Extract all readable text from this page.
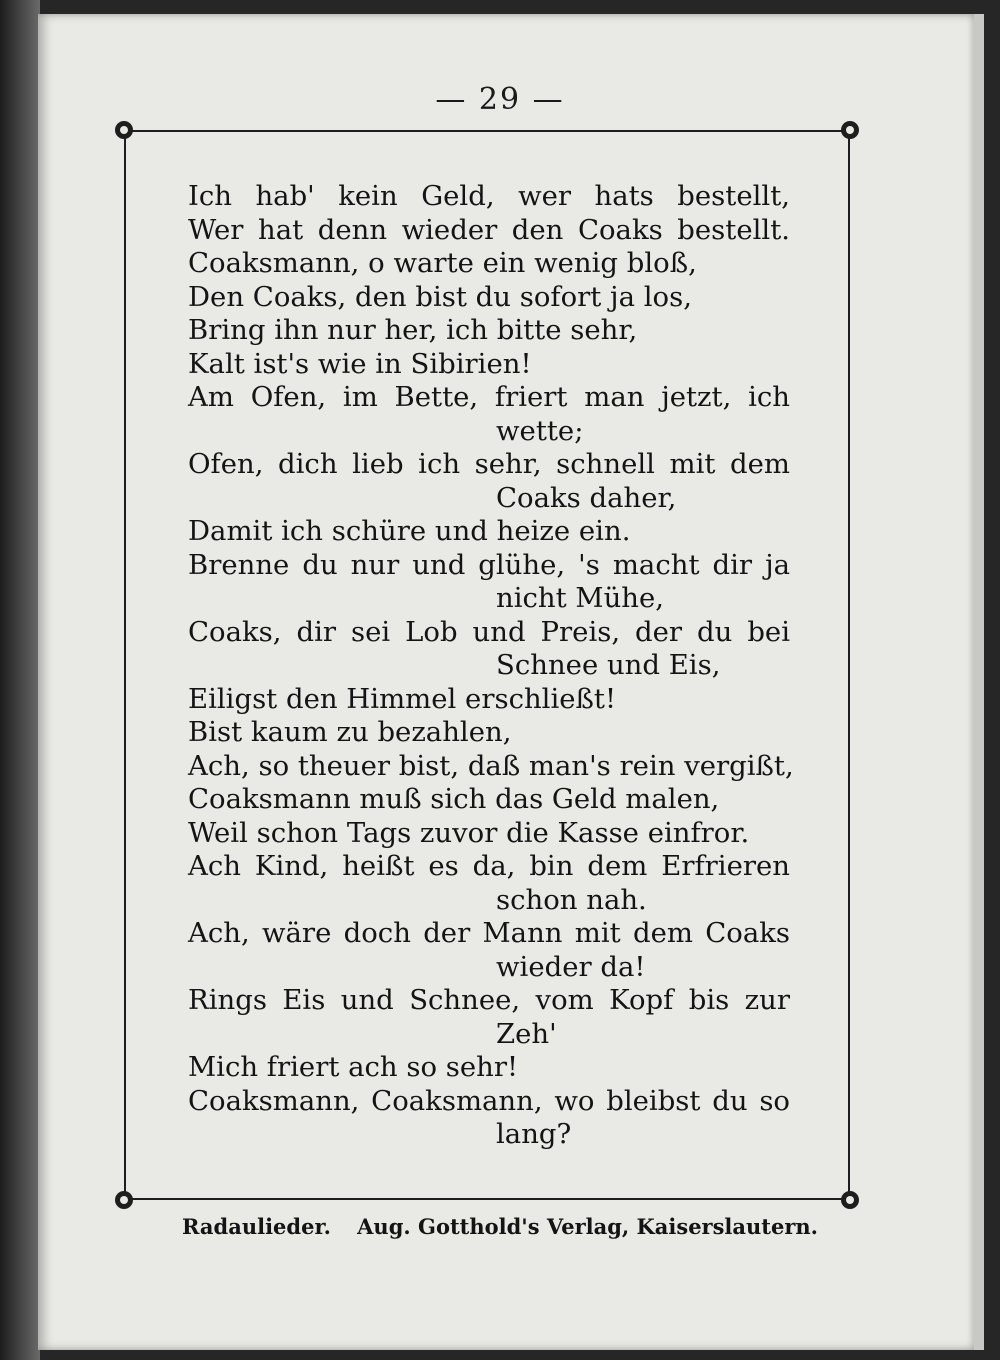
— 29 —
Ich hab' kein Geld, wer hats bestellt,
Wer hat denn wieder den Coaks bestellt.
Coaksmann, o warte ein wenig bloß,
Den Coaks, den bist du sofort ja los,
Bring ihn nur her, ich bitte sehr,
Kalt ist's wie in Sibirien!
Am Ofen, im Bette, friert man jetzt, ich
wette;
Ofen, dich lieb ich sehr, schnell mit dem
Coaks daher,
Damit ich schüre und heize ein.
Brenne du nur und glühe, 's macht dir ja
nicht Mühe,
Coaks, dir sei Lob und Preis, der du bei
Schnee und Eis,
Eiligst den Himmel erschließt!
Bist kaum zu bezahlen,
Ach, so theuer bist, daß man's rein vergißt,
Coaksmann muß sich das Geld malen,
Weil schon Tags zuvor die Kasse einfror.
Ach Kind, heißt es da, bin dem Erfrieren
schon nah.
Ach, wäre doch der Mann mit dem Coaks
wieder da!
Rings Eis und Schnee, vom Kopf bis zur
Zeh'
Mich friert ach so sehr!
Coaksmann, Coaksmann, wo bleibst du so
lang?
Radaulieder. Aug. Gotthold's Verlag, Kaiserslautern.
